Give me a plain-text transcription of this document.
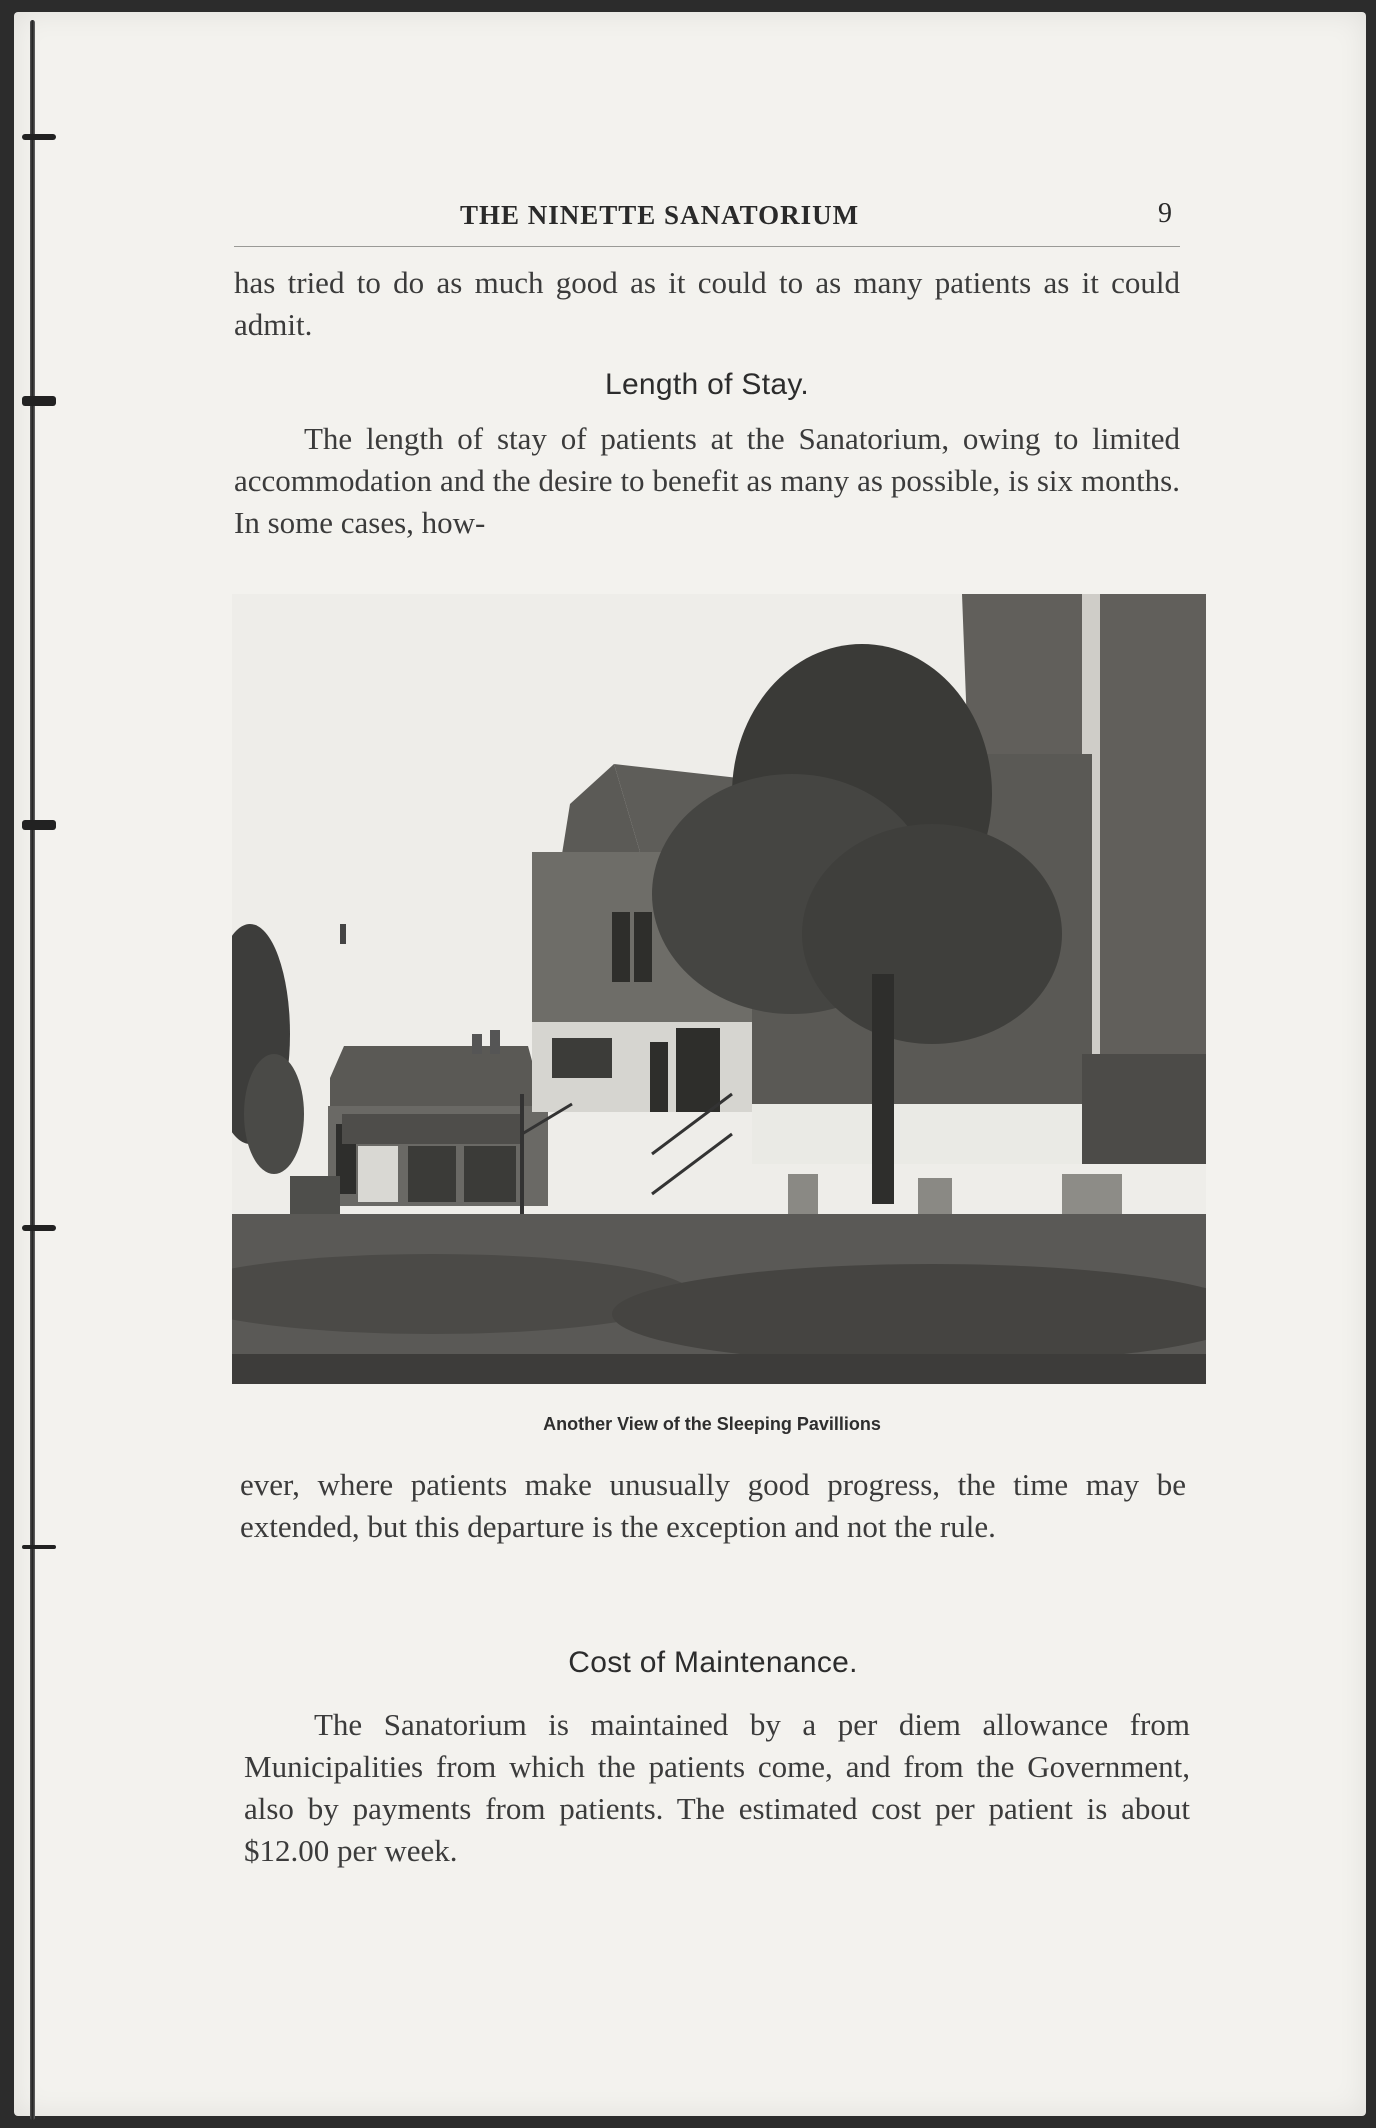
THE NINETTE SANATORIUM	9
has tried to do as much good as it could to as many patients as it could admit.
Length of Stay.
The length of stay of patients at the Sanatorium, owing to limited accommodation and the desire to benefit as many as possible, is six months. In some cases, how-
Another View of the Sleeping Pavillions
ever, where patients make unusually good progress, the time may be extended, but this departure is the exception and not the rule.
Cost of Maintenance.
The Sanatorium is maintained by a per diem allowance from Municipalities from which the patients come, and from the Government, also by payments from patients. The estimated cost per patient is about $12.00 per week.
